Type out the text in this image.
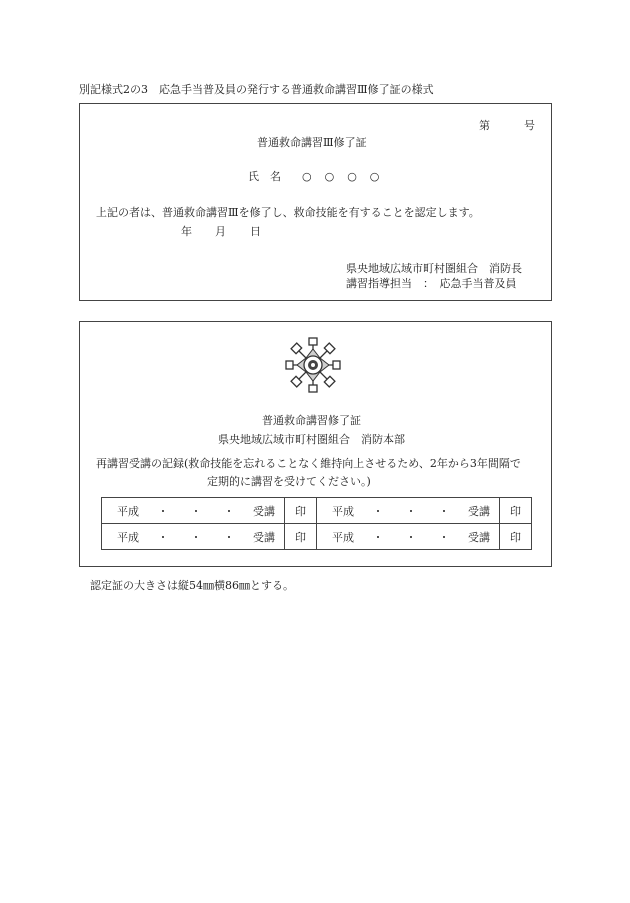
別記様式2の3　応急手当普及員の発行する普通救命講習Ⅲ修了証の様式
第	号
普通救命講習Ⅲ修了証
氏　名 ○　○　○　○
上記の者は、普通救命講習Ⅲを修了し、救命技能を有することを認定します。
年 月 日
県央地域広域市町村圏組合　消防長
講習指導担当　：　応急手当普及員
普通救命講習修了証
県央地域広域市町村圏組合　消防本部
再講習受講の記録(救命技能を忘れることなく維持向上させるため、2年から3年間隔で
定期的に講習を受けてください。)
平成 ・　　・　　・ 受講	印	平成 ・　　・　　・ 受講	印

平成 ・　　・　　・ 受講	印	平成 ・　　・　　・ 受講	印
認定証の大きさは縦54㎜横86㎜とする。
